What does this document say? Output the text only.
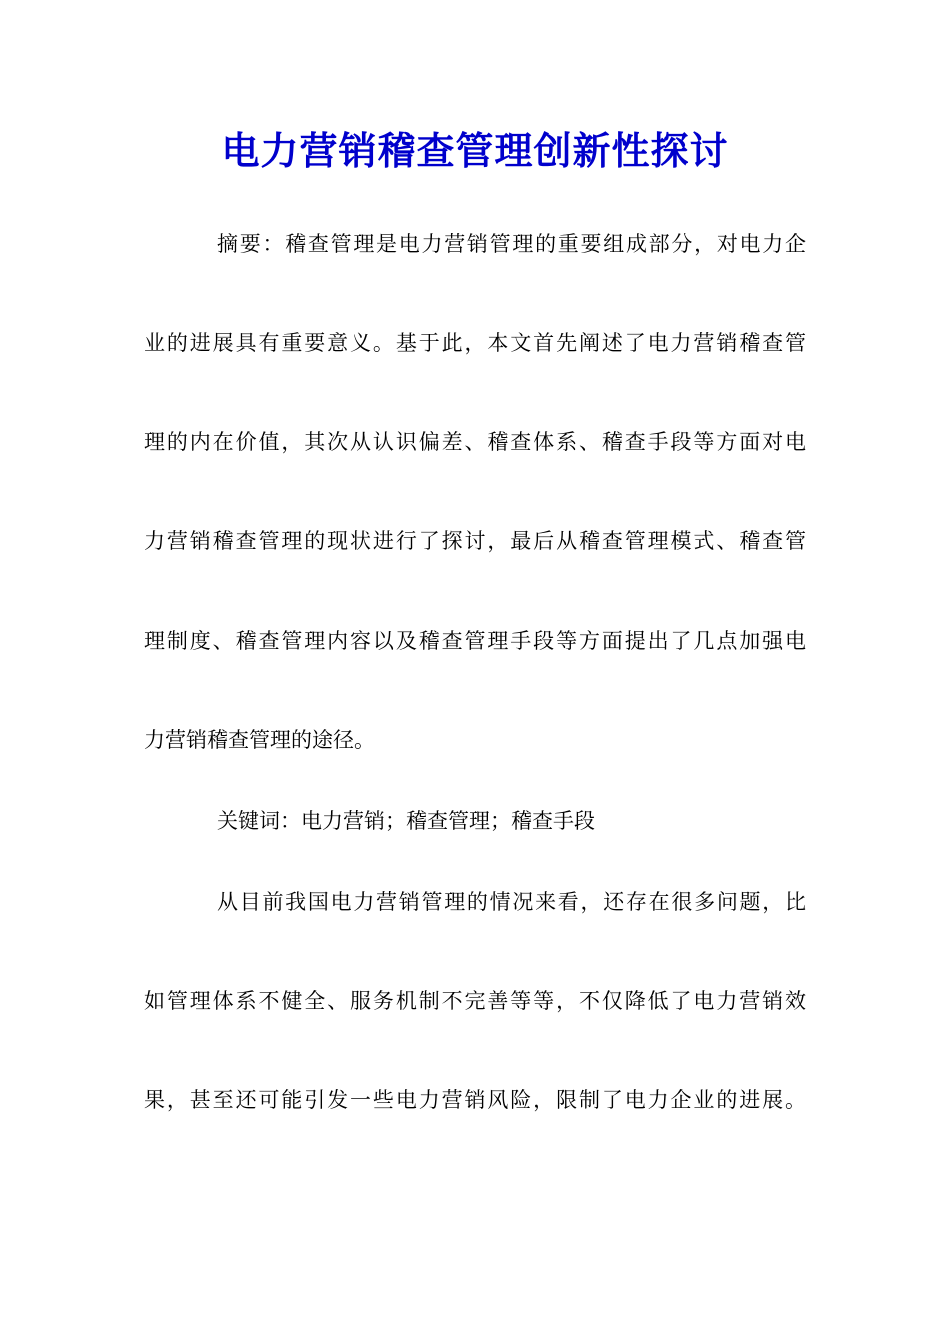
电力营销稽查管理创新性探讨

摘要：稽查管理是电力营销管理的重要组成部分，对电力企

业的进展具有重要意义。基于此，本文首先阐述了电力营销稽查管

理的内在价值，其次从认识偏差、稽查体系、稽查手段等方面对电

力营销稽查管理的现状进行了探讨，最后从稽查管理模式、稽查管

理制度、稽查管理内容以及稽查管理手段等方面提出了几点加强电

力营销稽查管理的途径。

关键词：电力营销；稽查管理；稽查手段

从目前我国电力营销管理的情况来看，还存在很多问题，比

如管理体系不健全、服务机制不完善等等，不仅降低了电力营销效

果，甚至还可能引发一些电力营销风险，限制了电力企业的进展。
